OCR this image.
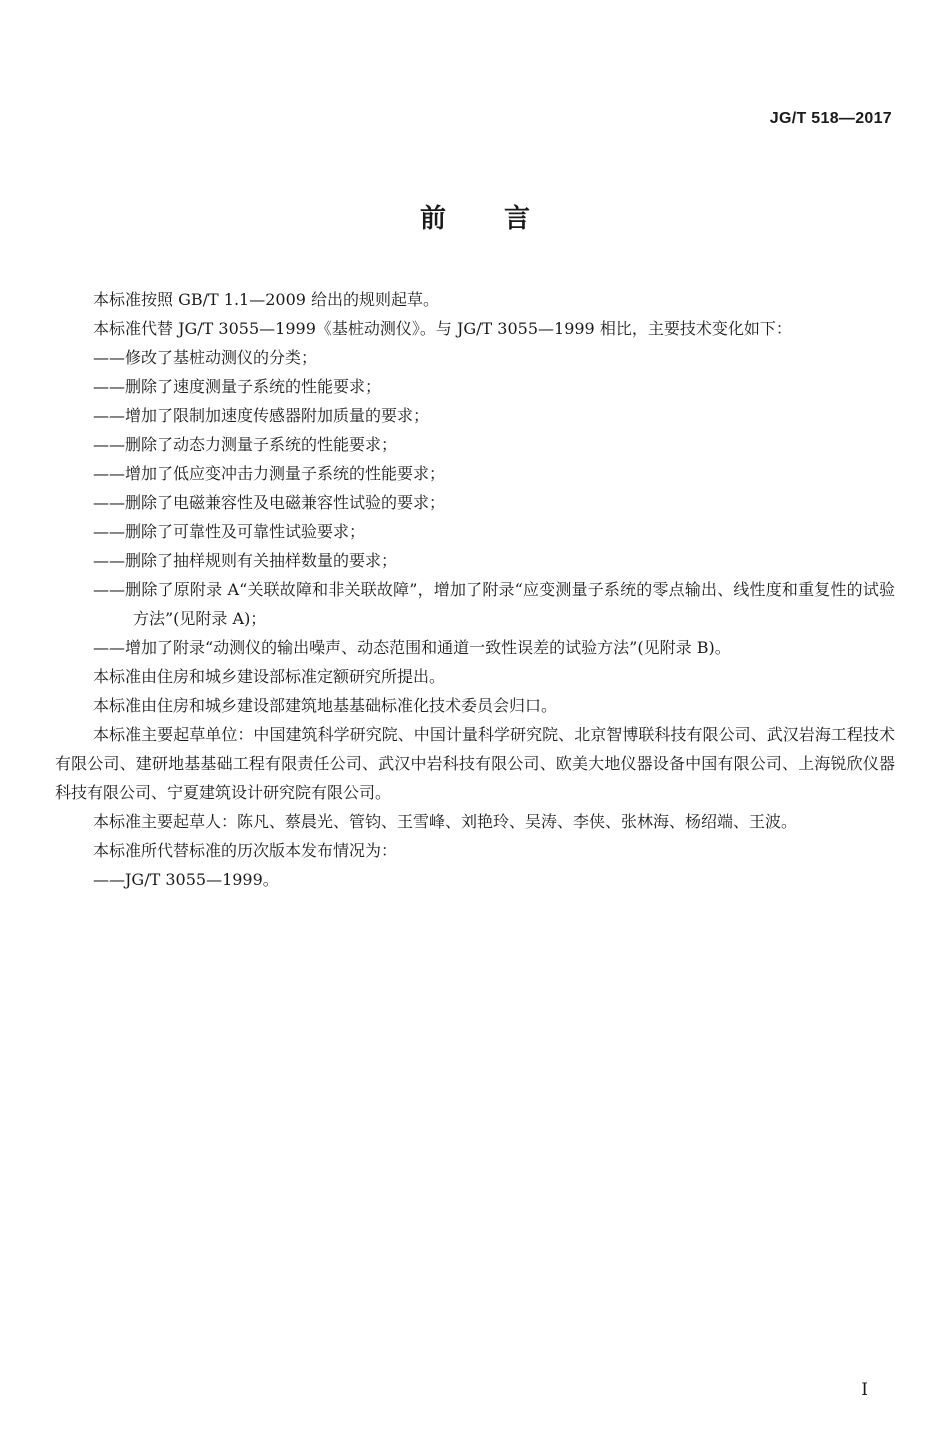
JG/T 518—2017
前言

本标准按照 GB/T 1.1—2009 给出的规则起草。

本标准代替 JG/T 3055—1999《基桩动测仪》。与 JG/T 3055—1999 相比，主要技术变化如下：

——修改了基桩动测仪的分类；

——删除了速度测量子系统的性能要求；

——增加了限制加速度传感器附加质量的要求；

——删除了动态力测量子系统的性能要求；

——增加了低应变冲击力测量子系统的性能要求；

——删除了电磁兼容性及电磁兼容性试验的要求；

——删除了可靠性及可靠性试验要求；

——删除了抽样规则有关抽样数量的要求；

——删除了原附录 A“关联故障和非关联故障”，增加了附录“应变测量子系统的零点输出、线性度和重复性的试验方法”(见附录 A)；

——增加了附录“动测仪的输出噪声、动态范围和通道一致性误差的试验方法”(见附录 B)。

本标准由住房和城乡建设部标准定额研究所提出。

本标准由住房和城乡建设部建筑地基基础标准化技术委员会归口。

本标准主要起草单位：中国建筑科学研究院、中国计量科学研究院、北京智博联科技有限公司、武汉岩海工程技术有限公司、建研地基基础工程有限责任公司、武汉中岩科技有限公司、欧美大地仪器设备中国有限公司、上海锐欣仪器科技有限公司、宁夏建筑设计研究院有限公司。

本标准主要起草人：陈凡、蔡晨光、管钧、王雪峰、刘艳玲、吴涛、李侠、张林海、杨绍端、王波。

本标准所代替标准的历次版本发布情况为：

——JG/T 3055—1999。

I
